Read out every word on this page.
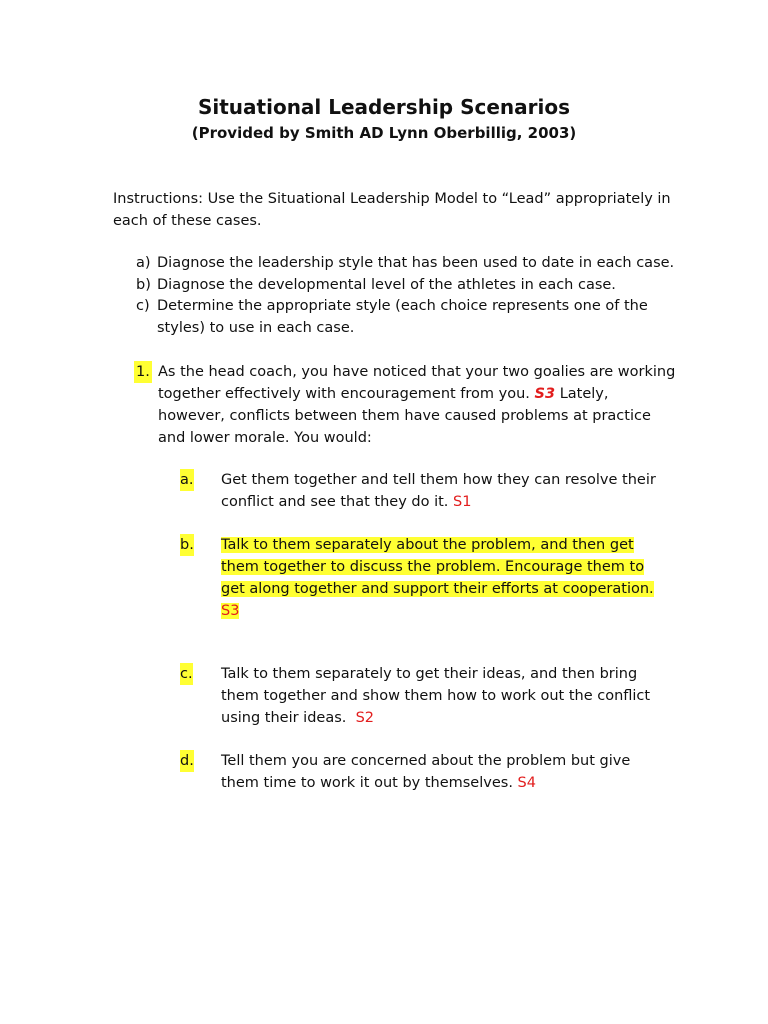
Situational Leadership Scenarios
(Provided by Smith AD Lynn Oberbillig, 2003)

Instructions: Use the Situational Leadership Model to “Lead” appropriately in each of these cases.

a) Diagnose the leadership style that has been used to date in each case.
b) Diagnose the developmental level of the athletes in each case.
c) Determine the appropriate style (each choice represents one of the styles) to use in each case.
1. As the head coach, you have noticed that your two goalies are working together effectively with encouragement from you. S3 Lately, however, conflicts between them have caused problems at practice and lower morale. You would:

a. Get them together and tell them how they can resolve their conflict and see that they do it. S1

b. Talk to them separately about the problem, and then get them together to discuss the problem. Encourage them to get along together and support their efforts at cooperation. S3

c. Talk to them separately to get their ideas, and then bring them together and show them how to work out the conflict using their ideas. S2

d. Tell them you are concerned about the problem but give them time to work it out by themselves. S4
